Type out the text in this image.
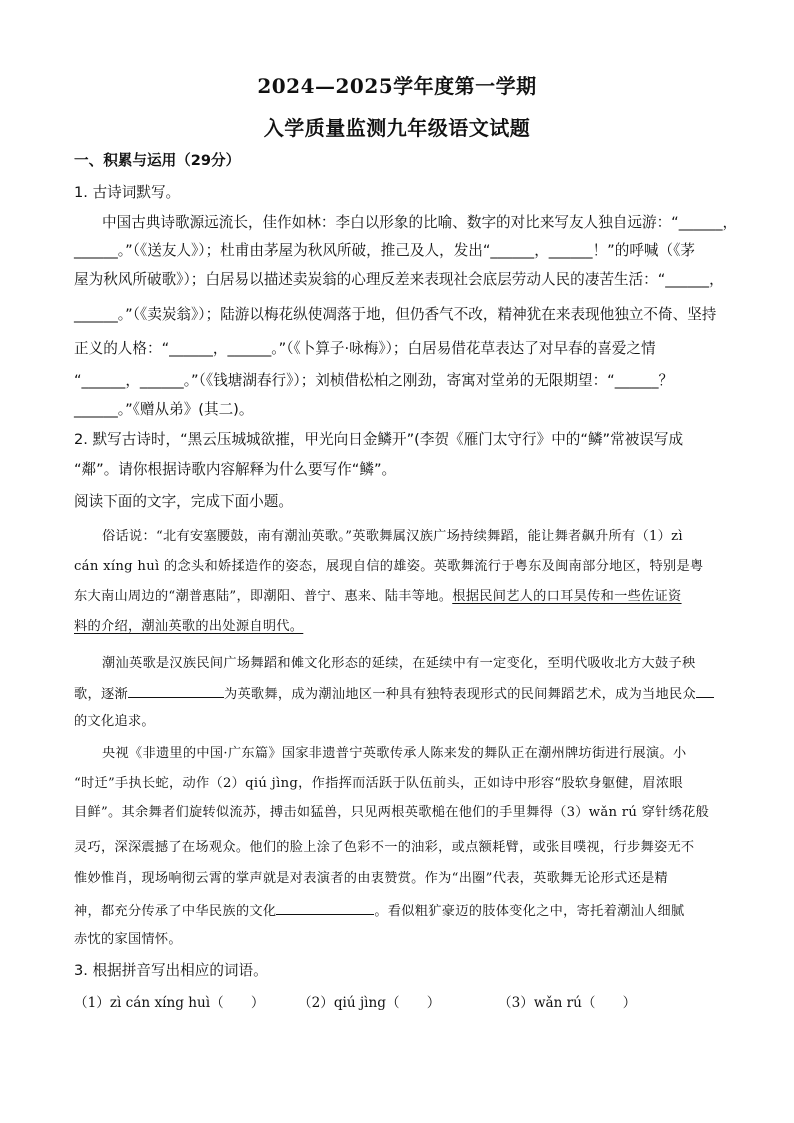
2024—2025学年度第一学期
入学质量监测九年级语文试题
一、积累与运用（29分）
1. 古诗词默写。
中国古典诗歌源远流长，佳作如林：李白以形象的比喻、数字的对比来写友人独自远游：“______，
______。”（《送友人》）；杜甫由茅屋为秋风所破，推己及人，发出“______，______！”的呼喊（《茅
屋为秋风所破歌》）；白居易以描述卖炭翁的心理反差来表现社会底层劳动人民的凄苦生活：“______，
______。”（《卖炭翁》）；陆游以梅花纵使凋落于地，但仍香气不改，精神犹在来表现他独立不倚、坚持
正义的人格：“______，______。”（《卜算子·咏梅》）；白居易借花草表达了对早春的喜爱之情
“______，______。”（《钱塘湖春行》）；刘桢借松柏之刚劲，寄寓对堂弟的无限期望：“______？
______。”《赠从弟》(其二)。
2. 默写古诗时，“黑云压城城欲摧，甲光向日金鳞开”(李贺《雁门太守行》中的“鳞”常被误写成
“鄰”。请你根据诗歌内容解释为什么要写作“鳞”。
阅读下面的文字，完成下面小题。
俗话说：“北有安塞腰鼓，南有潮汕英歌。”英歌舞属汉族广场持续舞蹈，能让舞者飙升所有（1）zì
cán xíng huì 的念头和娇揉造作的姿态，展现自信的雄姿。英歌舞流行于粤东及闽南部分地区，特别是粤
东大南山周边的“潮普惠陆”，即潮阳、普宁、惠来、陆丰等地。根据民间艺人的口耳昊传和一些佐证资
料的介绍，潮汕英歌的出处源自明代。
潮汕英歌是汉族民间广场舞蹈和傩文化形态的延续，在延续中有一定变化，至明代吸收北方大鼓子秧
歌，逐渐	为英歌舞，成为潮汕地区一种具有独特表现形式的民间舞蹈艺术，成为当地民众
的文化追求。
央视《非遗里的中国·广东篇》国家非遗普宁英歌传承人陈来发的舞队正在潮州牌坊街进行展演。小
“时迁”手执长蛇，动作（2）qiú jìng，作指挥而活跃于队伍前头，正如诗中形容“股软身躯健，眉浓眼
目鲜”。其余舞者们旋转似流苏，搏击如猛兽，只见两根英歌槌在他们的手里舞得（3）wǎn rú 穿针绣花般
灵巧，深深震撼了在场观众。他们的脸上涂了色彩不一的油彩，或点额耗臂，或张目噗视，行步舞姿无不
惟妙惟肖，现场响彻云霄的掌声就是对表演者的由衷赞赏。作为“出圈”代表，英歌舞无论形式还是精
神，都充分传承了中华民族的文化	。看似粗犷豪迈的肢体变化之中，寄托着潮汕人细腻
赤忱的家国情怀。
3. 根据拼音写出相应的词语。
（1）zì cán xíng huì（　　） （2）qiú jìng（　　）	（3）wǎn rú（　　）
